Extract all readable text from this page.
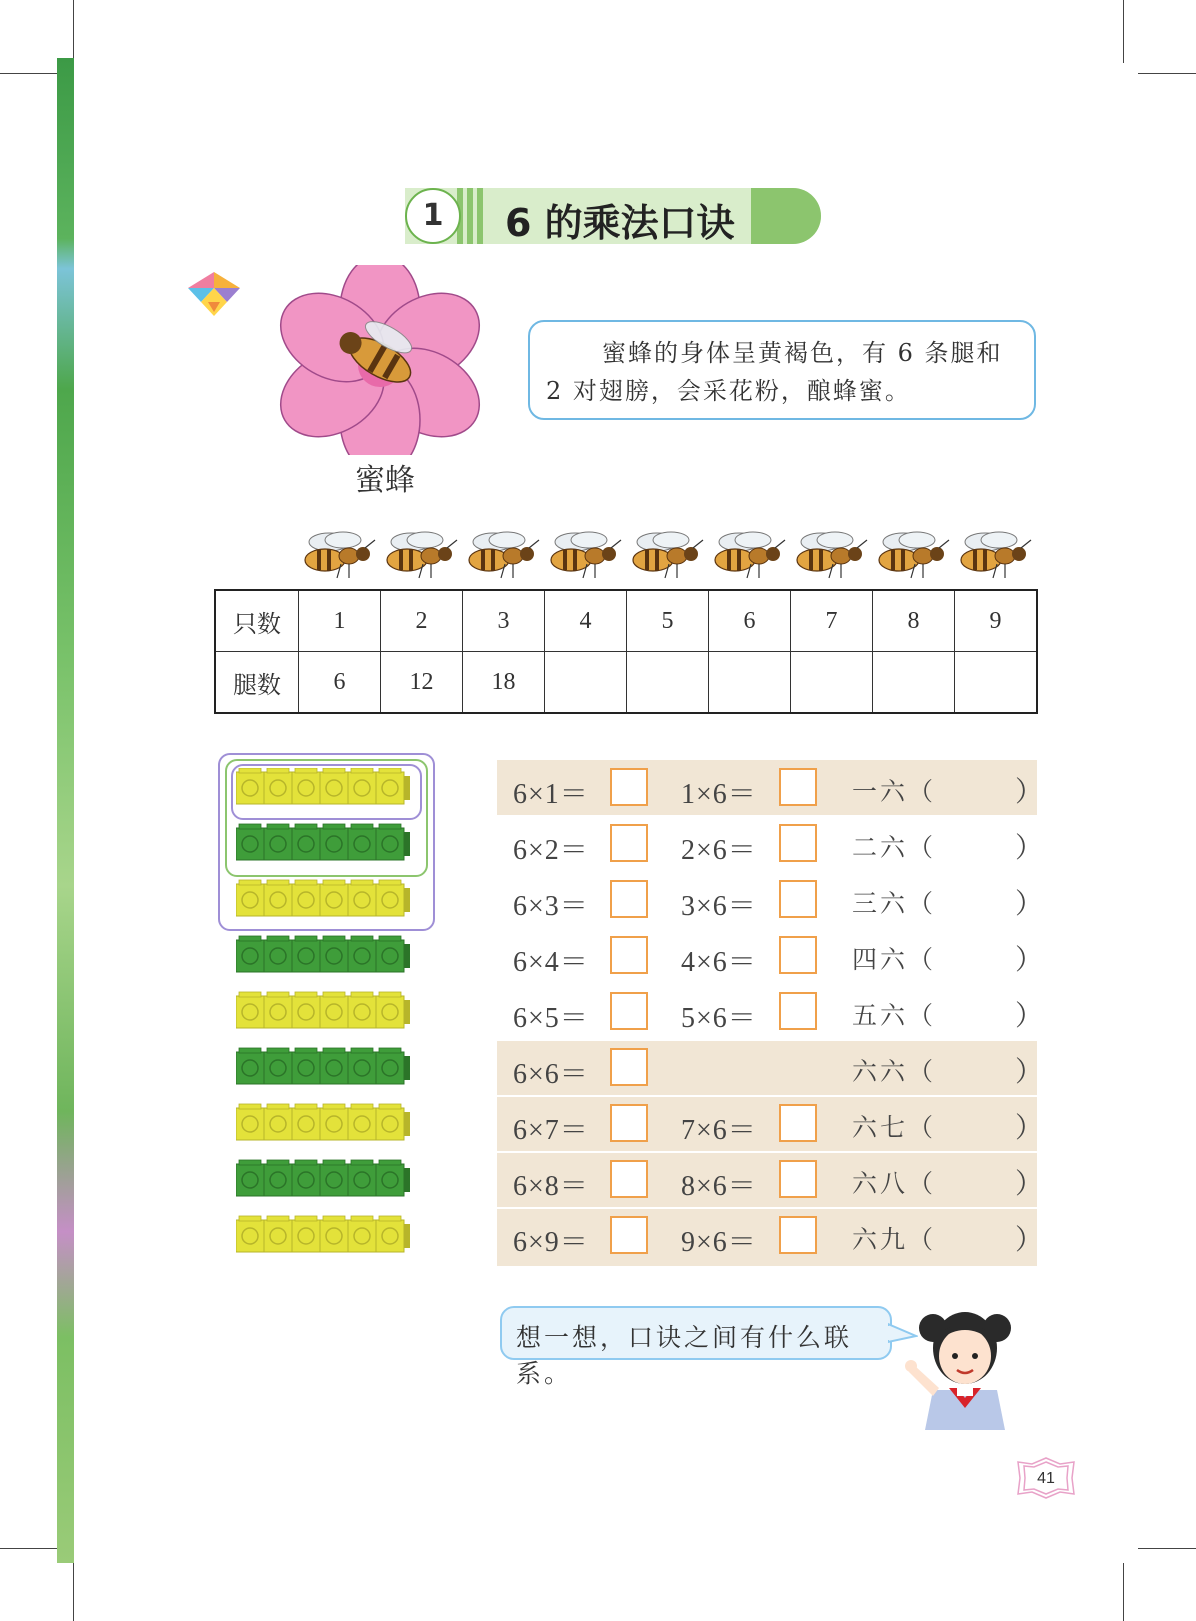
1	6 的乘法口诀
蜜蜂
蜜蜂的身体呈黄褐色，有 6 条腿和
2 对翅膀，会采花粉，酿蜂蜜。
只数	1	2	3	4	5	6	7	8	9
腿数	6	12	18						
6×1＝	1×6＝	一六（	）
6×2＝	2×6＝	二六（	）
6×3＝	3×6＝	三六（	）
6×4＝	4×6＝	四六（	）
6×5＝	5×6＝	五六（	）
6×6＝	六六（	）
6×7＝	7×6＝	六七（	）
6×8＝	8×6＝	六八（	）
6×9＝	9×6＝	六九（	）
想一想，口诀之间有什么联系。
41
